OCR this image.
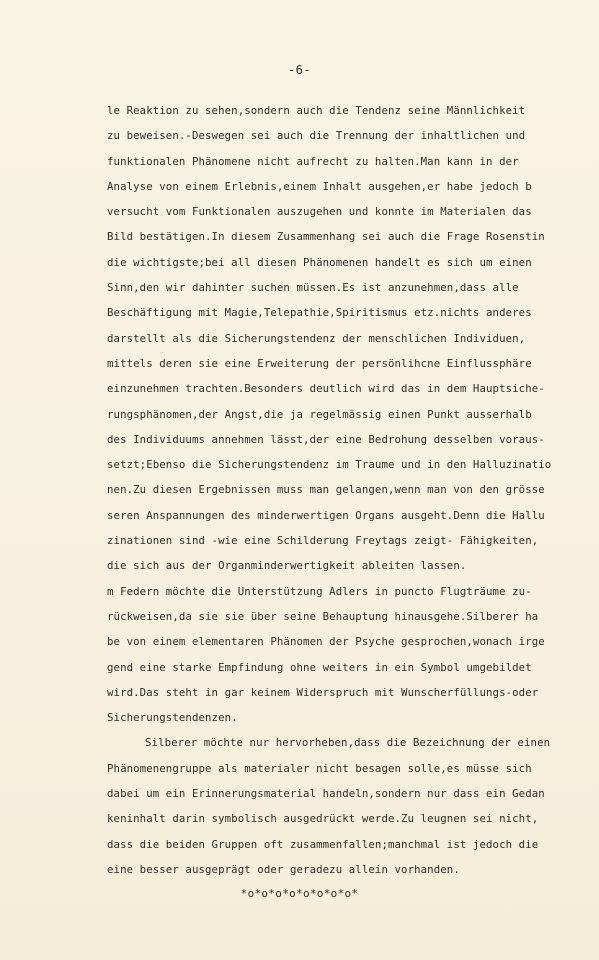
-6-
le Reaktion zu sehen,sondern auch die Tendenz seine Männlichkeit
zu beweisen.-Deswegen sei auch die Trennung der inhaltlichen und
funktionalen Phänomene nicht aufrecht zu halten.Man kann in der
Analyse von einem Erlebnis,einem Inhalt ausgehen,er habe jedoch b
versucht vom Funktionalen auszugehen und konnte im Materialen das
Bild bestätigen.In diesem Zusammenhang sei auch die Frage Rosenstin
die wichtigste;bei all diesen Phänomenen handelt es sich um einen
Sinn,den wir dahinter suchen müssen.Es ist anzunehmen,dass alle
Beschäftigung mit Magie,Telepathie,Spiritismus etz.nichts anderes
darstellt als die Sicherungstendenz der menschlichen Individuen,
mittels deren sie eine Erweiterung der persönlihcne Einflussphäre
einzunehmen trachten.Besonders deutlich wird das in dem Hauptsiche-
rungsphänomen,der Angst,die ja regelmässig einen Punkt ausserhalb
des Individuums annehmen lässt,der eine Bedrohung desselben voraus-
setzt;Ebenso die Sicherungstendenz im Traume und in den Halluzinatio
nen.Zu diesen Ergebnissen muss man gelangen,wenn man von den grösse
seren Anspannungen des minderwertigen Organs ausgeht.Denn die Hallu
zinationen sind -wie eine Schilderung Freytags zeigt- Fähigkeiten,
die sich aus der Organminderwertigkeit ableiten lassen.
m Federn möchte die Unterstützung Adlers in puncto Flugträume zu-
rückweisen,da sie sie über seine Behauptung hinausgehe.Silberer ha
be von einem elementaren Phänomen der Psyche gesprochen,wonach irge
gend eine starke Empfindung ohne weiters in ein Symbol umgebildet
wird.Das steht in gar keinem Widerspruch mit Wunscherfüllungs-oder
Sicherungstendenzen.
Silberer möchte nur hervorheben,dass die Bezeichnung der einen
Phänomenengruppe als materialer nicht besagen solle,es müsse sich
dabei um ein Erinnerungsmaterial handeln,sondern nur dass ein Gedan
keninhalt darin symbolisch ausgedrückt werde.Zu leugnen sei nicht,
dass die beiden Gruppen oft zusammenfallen;manchmal ist jedoch die
eine besser ausgeprägt oder geradezu allein vorhanden.
*o*o*o*o*o*o*o*o*
